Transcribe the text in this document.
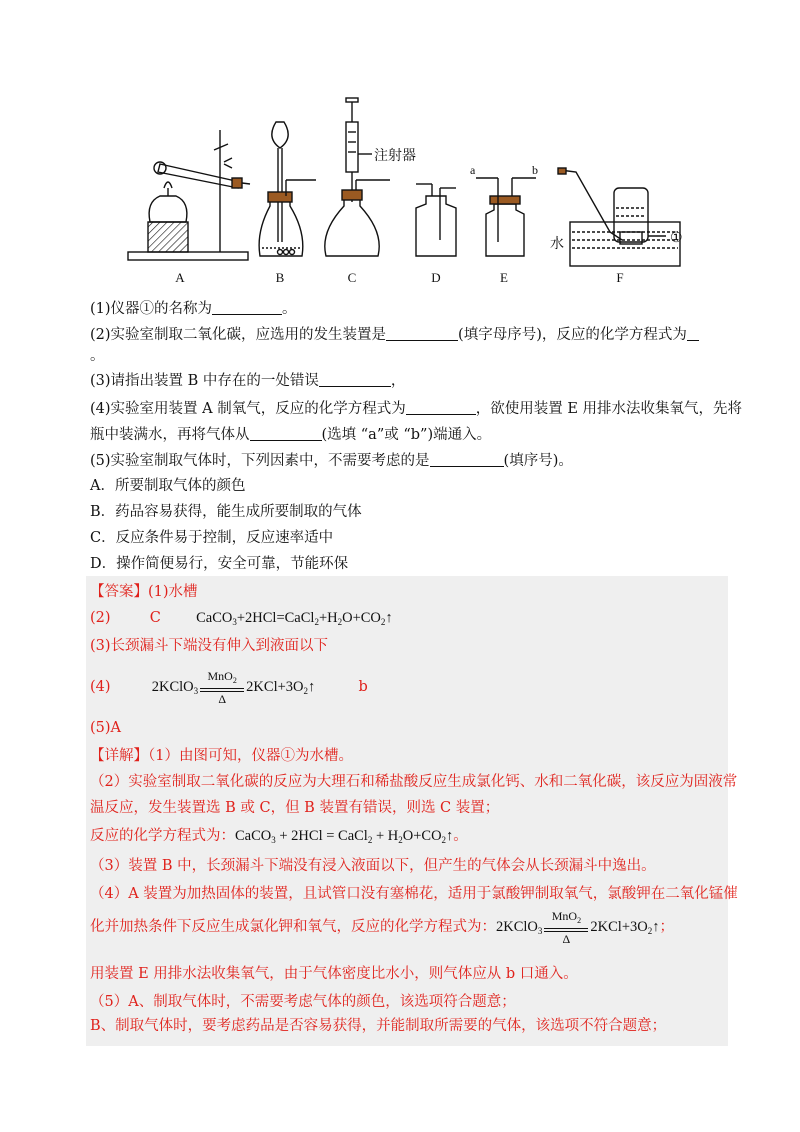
A	B	C	D	E	F
注射器
a	b
水	①
(1)仪器①的名称为	。
(2)实验室制取二氧化碳，应选用的发生装置是	(填字母序号)，反应的化学方程式为
。
(3)请指出装置 B 中存在的一处错误	，
(4)实验室用装置 A 制氧气，反应的化学方程式为	，欲使用装置 E 用排水法收集氧气，先将
瓶中装满水，再将气体从	(选填 “a”或 “b”)端通入。
(5)实验室制取气体时，下列因素中，不需要考虑的是	(填序号)。
A．所要制取气体的颜色
B．药品容易获得，能生成所要制取的气体
C．反应条件易于控制，反应速率适中
D．操作简便易行，安全可靠，节能环保
【答案】(1)水槽
(2)	C $CaCO_3+2HCl=CaCl_2+H_2O+CO_2↑$
(3)长颈漏斗下端没有伸入到液面以下
(4)	2KClO$_3$ $\frac{MnO_2}{\Delta}$ $2KCl+3O_2↑$	b
(5)A
【详解】（1）由图可知，仪器①为水槽。
（2）实验室制取二氧化碳的反应为大理石和稀盐酸反应生成氯化钙、水和二氧化碳，该反应为固液常
温反应，发生装置选 B 或 C，但 B 装置有错误，则选 C 装置；
反应的化学方程式为：CaCO$_3$ + 2HCl = CaCl$_2$ + $H_2O+CO_2↑$。
（3）装置 B 中，长颈漏斗下端没有浸入液面以下，但产生的气体会从长颈漏斗中逸出。
（4）A 装置为加热固体的装置，且试管口没有塞棉花，适用于氯酸钾制取氧气，氯酸钾在二氧化锰催
化并加热条件下反应生成氯化钾和氧气，反应的化学方程式为：2KClO$_3$ $\frac{MnO_2}{\Delta}$ $2KCl+3O_2↑$；
用装置 E 用排水法收集氧气，由于气体密度比水小，则气体应从 b 口通入。
（5）A、制取气体时，不需要考虑气体的颜色，该选项符合题意；
B、制取气体时，要考虑药品是否容易获得，并能制取所需要的气体，该选项不符合题意；
